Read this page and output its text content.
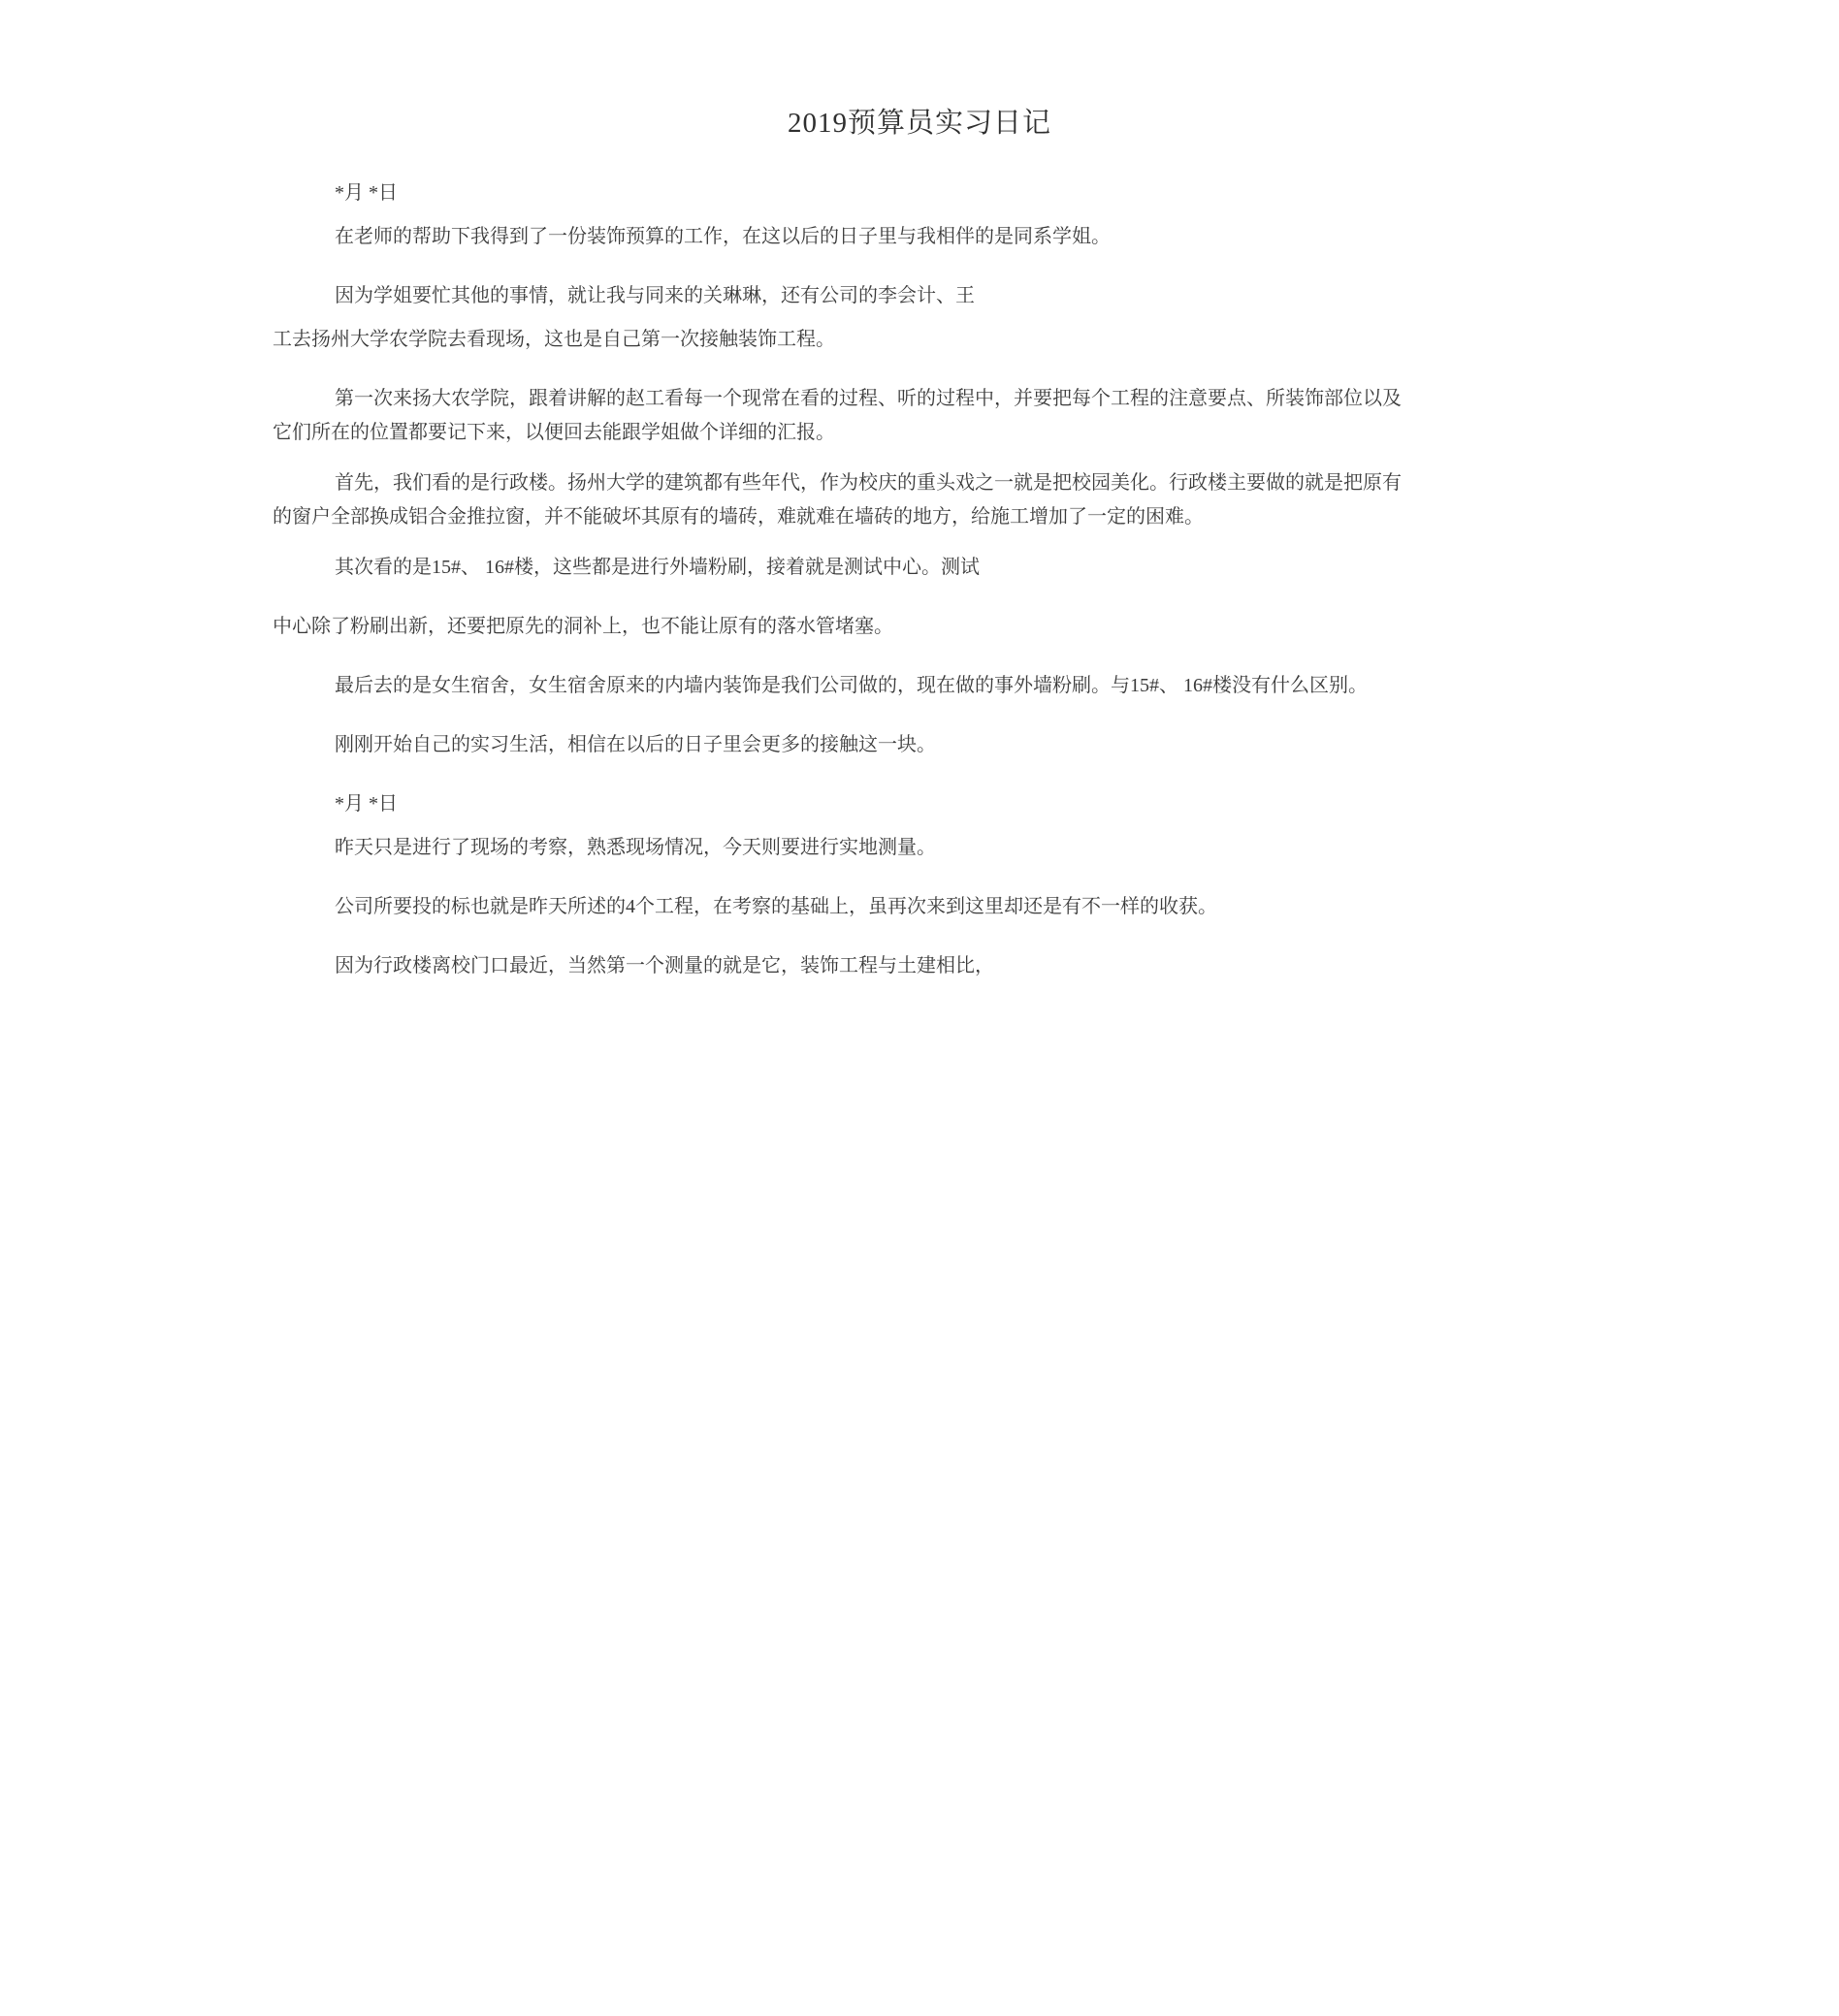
2019预算员实习日记

*月 *日

在老师的帮助下我得到了一份装饰预算的工作，在这以后的日子里与我相伴的是同系学姐。

因为学姐要忙其他的事情，就让我与同来的关琳琳，还有公司的李会计、王

工去扬州大学农学院去看现场，这也是自己第一次接触装饰工程。

第一次来扬大农学院，跟着讲解的赵工看每一个现常在看的过程、听的过程中，并要把每个工程的注意要点、所装饰部位以及它们所在的位置都要记下来，以便回去能跟学姐做个详细的汇报。

首先，我们看的是行政楼。扬州大学的建筑都有些年代，作为校庆的重头戏之一就是把校园美化。行政楼主要做的就是把原有的窗户全部换成铝合金推拉窗，并不能破坏其原有的墙砖，难就难在墙砖的地方，给施工增加了一定的困难。

其次看的是15#、 16#楼，这些都是进行外墙粉刷，接着就是测试中心。测试

中心除了粉刷出新，还要把原先的洞补上，也不能让原有的落水管堵塞。

最后去的是女生宿舍，女生宿舍原来的内墙内装饰是我们公司做的，现在做的事外墙粉刷。与15#、 16#楼没有什么区别。

刚刚开始自己的实习生活，相信在以后的日子里会更多的接触这一块。

*月 *日

昨天只是进行了现场的考察，熟悉现场情况，今天则要进行实地测量。

公司所要投的标也就是昨天所述的4个工程，在考察的基础上，虽再次来到这里却还是有不一样的收获。

因为行政楼离校门口最近，当然第一个测量的就是它，装饰工程与土建相比，
